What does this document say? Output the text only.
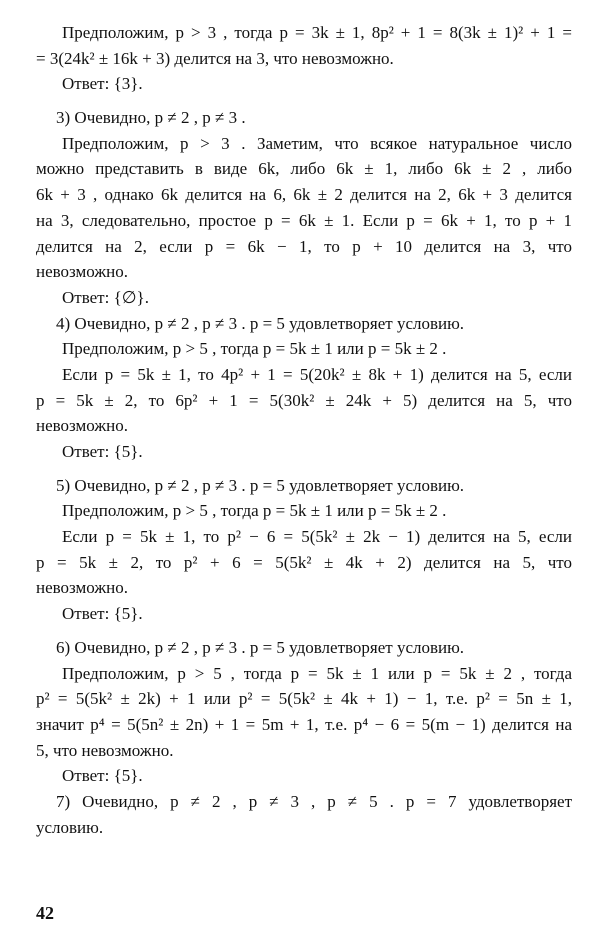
Предположим, p > 3 , тогда p = 3k ± 1, 8p² + 1 = 8(3k ± 1)² + 1 =
= 3(24k² ± 16k + 3) делится на 3, что невозможно.
Ответ: {3}.
3) Очевидно, p ≠ 2 , p ≠ 3 .
Предположим, p > 3 . Заметим, что всякое натуральное число
можно представить в виде 6k, либо 6k ± 1, либо 6k ± 2 , либо
6k + 3 , однако 6k делится на 6, 6k ± 2 делится на 2, 6k + 3 делится
на 3, следовательно, простое p = 6k ± 1. Если p = 6k + 1, то p + 1
делится на 2, если p = 6k − 1, то p + 10 делится на 3, что
невозможно.
Ответ: {∅}.
4) Очевидно, p ≠ 2 , p ≠ 3 . p = 5 удовлетворяет условию.
Предположим, p > 5 , тогда p = 5k ± 1 или p = 5k ± 2 .
Если p = 5k ± 1, то 4p² + 1 = 5(20k² ± 8k + 1) делится на 5, если
p = 5k ± 2, то 6p² + 1 = 5(30k² ± 24k + 5) делится на 5, что
невозможно.
Ответ: {5}.
5) Очевидно, p ≠ 2 , p ≠ 3 . p = 5 удовлетворяет условию.
Предположим, p > 5 , тогда p = 5k ± 1 или p = 5k ± 2 .
Если p = 5k ± 1, то p² − 6 = 5(5k² ± 2k − 1) делится на 5, если
p = 5k ± 2, то p² + 6 = 5(5k² ± 4k + 2) делится на 5, что
невозможно.
Ответ: {5}.
6) Очевидно, p ≠ 2 , p ≠ 3 . p = 5 удовлетворяет условию.
Предположим, p > 5 , тогда p = 5k ± 1 или p = 5k ± 2 , тогда
p² = 5(5k² ± 2k) + 1 или p² = 5(5k² ± 4k + 1) − 1, т.е. p² = 5n ± 1,
значит p⁴ = 5(5n² ± 2n) + 1 = 5m + 1, т.е. p⁴ − 6 = 5(m − 1) делится на
5, что невозможно.
Ответ: {5}.
7) Очевидно, p ≠ 2 , p ≠ 3 , p ≠ 5 . p = 7 удовлетворяет
условию.
42
